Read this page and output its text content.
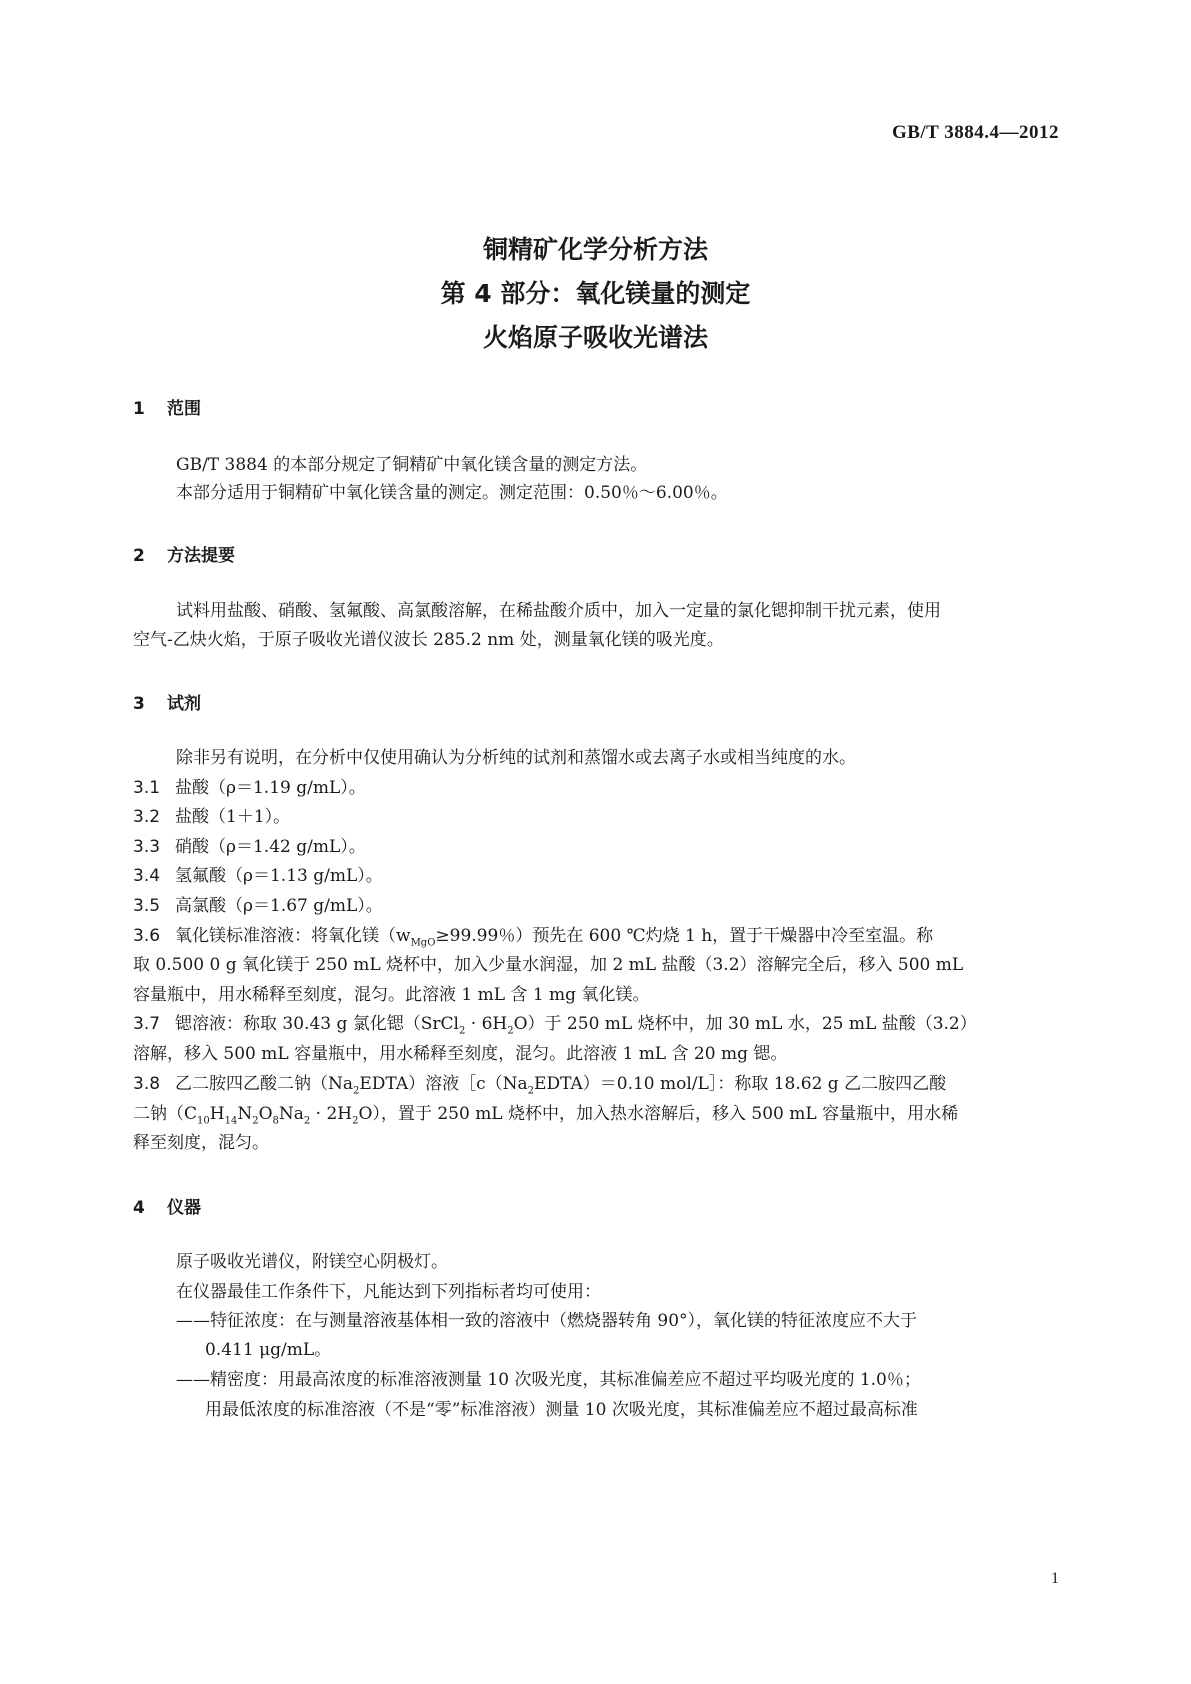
GB/T 3884.4—2012
铜精矿化学分析方法
第 4 部分：氧化镁量的测定
火焰原子吸收光谱法
1 范围
GB/T 3884 的本部分规定了铜精矿中氧化镁含量的测定方法。
本部分适用于铜精矿中氧化镁含量的测定。测定范围：0.50％～6.00％。
2 方法提要
试料用盐酸、硝酸、氢氟酸、高氯酸溶解，在稀盐酸介质中，加入一定量的氯化锶抑制干扰元素，使用
空气-乙炔火焰，于原子吸收光谱仪波长 285.2 nm 处，测量氧化镁的吸光度。
3 试剂
除非另有说明，在分析中仅使用确认为分析纯的试剂和蒸馏水或去离子水或相当纯度的水。
3.1 盐酸（ρ＝1.19 g/mL）。
3.2 盐酸（1＋1）。
3.3 硝酸（ρ＝1.42 g/mL）。
3.4 氢氟酸（ρ＝1.13 g/mL）。
3.5 高氯酸（ρ＝1.67 g/mL）。
3.6 氧化镁标准溶液：将氧化镁（$w_{MgO}\ge 99.99$％）预先在 600 ℃灼烧 1 h，置于干燥器中冷至室温。称
取 0.500 0 g 氧化镁于 250 mL 烧杯中，加入少量水润湿，加 2 mL 盐酸（3.2）溶解完全后，移入 500 mL
容量瓶中，用水稀释至刻度，混匀。此溶液 1 mL 含 1 mg 氧化镁。
3.7 锶溶液：称取 30.43 g 氯化锶（SrCl$_2$ · $6H_2O$）于 250 mL 烧杯中，加 30 mL 水，25 mL 盐酸（3.2）
溶解，移入 500 mL 容量瓶中，用水稀释至刻度，混匀。此溶液 1 mL 含 20 mg 锶。
3.8 乙二胺四乙酸二钠$(Na_2EDTA)$溶液$[c(Na_2EDTA)=0.10$ mol/L］：称取 18.62 g 乙二胺四乙酸
二钠$(C_{10}H_{14}N_2O_8Na_2 \cdot 2H_2O)$，置于 250 mL 烧杯中，加入热水溶解后，移入 500 mL 容量瓶中，用水稀
释至刻度，混匀。
4 仪器
原子吸收光谱仪，附镁空心阴极灯。
在仪器最佳工作条件下，凡能达到下列指标者均可使用：
——特征浓度：在与测量溶液基体相一致的溶液中（燃烧器转角 90°），氧化镁的特征浓度应不大于
0.411 μg/mL。
——精密度：用最高浓度的标准溶液测量 10 次吸光度，其标准偏差应不超过平均吸光度的 1.0％；
用最低浓度的标准溶液（不是“零”标准溶液）测量 10 次吸光度，其标准偏差应不超过最高标准
1
